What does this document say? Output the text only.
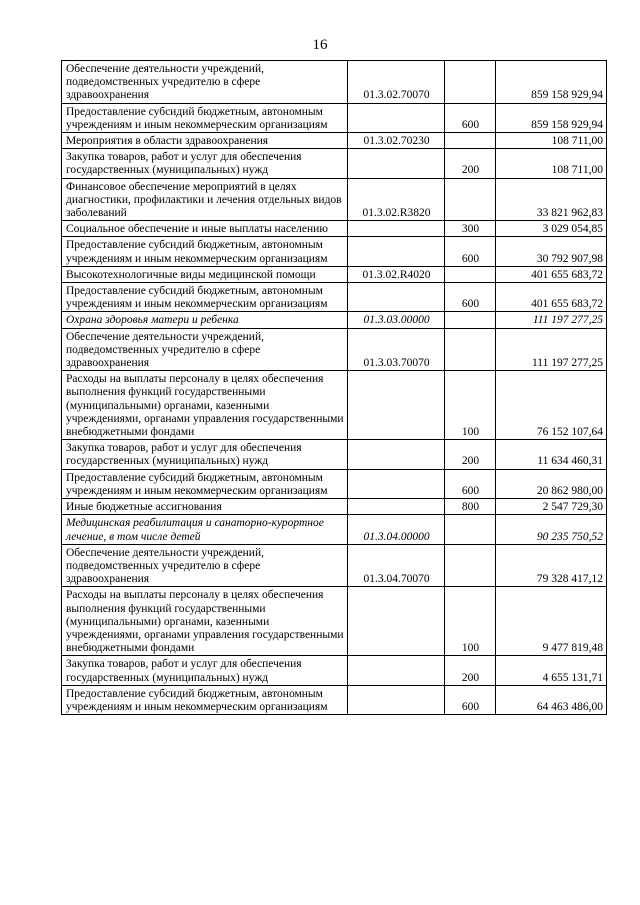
16
Обеспечение деятельности учреждений, подведомственных учредителю в сфере здравоохранения	01.3.02.70070		859 158 929,94
Предоставление субсидий бюджетным, автономным учреждениям и иным некоммерческим организациям		600	859 158 929,94
Мероприятия в области здравоохранения	01.3.02.70230		108 711,00
Закупка товаров, работ и услуг для обеспечения государственных (муниципальных) нужд		200	108 711,00
Финансовое обеспечение мероприятий в целях диагностики, профилактики и лечения отдельных видов заболеваний	01.3.02.R3820		33 821 962,83
Социальное обеспечение и иные выплаты населению		300	3 029 054,85
Предоставление субсидий бюджетным, автономным учреждениям и иным некоммерческим организациям		600	30 792 907,98
Высокотехнологичные виды медицинской помощи	01.3.02.R4020		401 655 683,72
Предоставление субсидий бюджетным, автономным учреждениям и иным некоммерческим организациям		600	401 655 683,72
Охрана здоровья матери и ребенка	01.3.03.00000		111 197 277,25
Обеспечение деятельности учреждений, подведомственных учредителю в сфере здравоохранения	01.3.03.70070		111 197 277,25
Расходы на выплаты персоналу в целях обеспечения выполнения функций государственными (муниципальными) органами, казенными учреждениями, органами управления государственными внебюджетными фондами		100	76 152 107,64
Закупка товаров, работ и услуг для обеспечения государственных (муниципальных) нужд		200	11 634 460,31
Предоставление субсидий бюджетным, автономным учреждениям и иным некоммерческим организациям		600	20 862 980,00
Иные бюджетные ассигнования		800	2 547 729,30
Медицинская реабилитация и санаторно-курортное лечение, в том числе детей	01.3.04.00000		90 235 750,52
Обеспечение деятельности учреждений, подведомственных учредителю в сфере здравоохранения	01.3.04.70070		79 328 417,12
Расходы на выплаты персоналу в целях обеспечения выполнения функций государственными (муниципальными) органами, казенными учреждениями, органами управления государственными внебюджетными фондами		100	9 477 819,48
Закупка товаров, работ и услуг для обеспечения государственных (муниципальных) нужд		200	4 655 131,71
Предоставление субсидий бюджетным, автономным учреждениям и иным некоммерческим организациям		600	64 463 486,00
